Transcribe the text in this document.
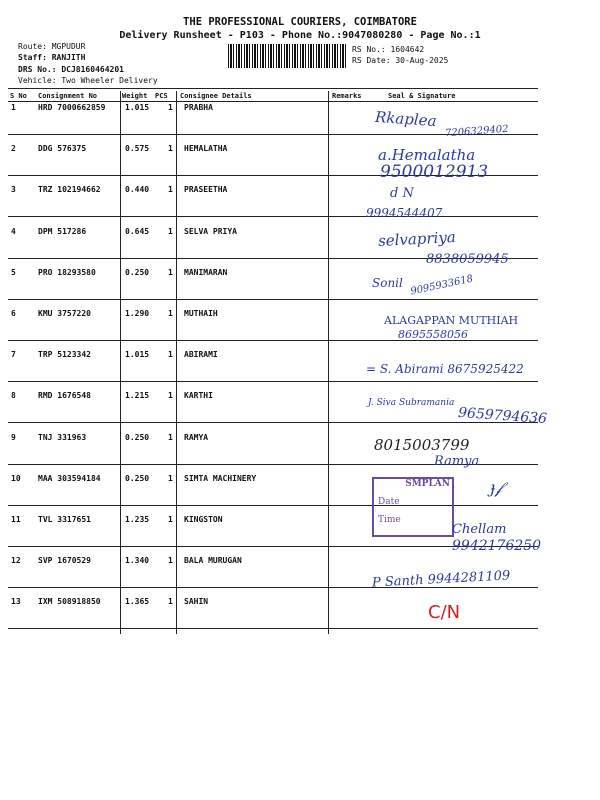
THE PROFESSIONAL COURIERS, COIMBATORE
Delivery Runsheet - P103 - Phone No.:9047080280 - Page No.:1
Route: MGPUDUR
Staff: RANJITH
DRS No.: DCJ8160464201
Vehicle: Two Wheeler Delivery
RS No.: 1604642
RS Date: 30-Aug-2025
S No Consignment No	Weight PCS Consignee Details	Remarks	Seal & Signature
1	HRD 7000662859 1.015 1 PRABHA
2	DDG 576375	0.575 1 HEMALATHA
3	TRZ 102194662	0.440 1 PRASEETHA
4	DPM 517286	0.645 1 SELVA PRIYA
5	PRO 18293580	0.250 1 MANIMARAN
6	KMU 3757220	1.290 1 MUTHAIH
7	TRP 5123342	1.015 1 ABIRAMI
8	RMD 1676548	1.215 1 KARTHI
9	TNJ 331963	0.250 1 RAMYA
10 MAA 303594184	0.250 1 SIMTA MACHINERY
11 TVL 3317651	1.235 1 KINGSTON
12 SVP 1670529	1.340 1 BALA MURUGAN
13 IXM 508918850	1.365 1 SAHIN
Rkaplea
7206329402
a.Hemalatha
9500012913
d N
9994544407
selvapriya
8838059945
Sonil 9095933618
ALAGAPPAN MUTHIAH
8695558056
= S. Abirami 8675925422
J. Siva Subramania
9659794636
8015003799
Ramya
SMPLAN
Date
Time
ɟ𝒻
Chellam
9942176250
P Santh 9944281109
C/N
